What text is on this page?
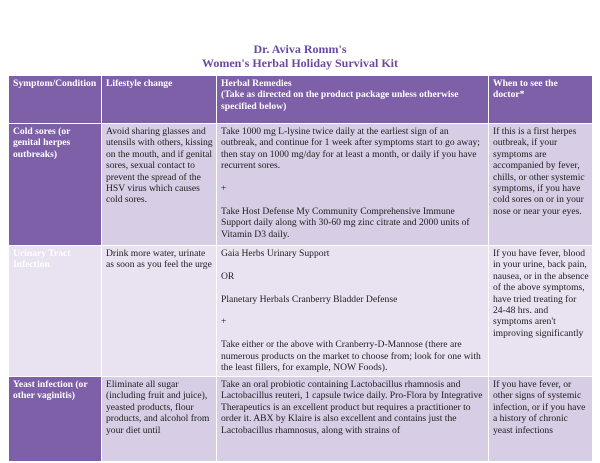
Dr. Aviva Romm's
Women's Herbal Holiday Survival Kit
Symptom/Condition	Lifestyle change	Herbal Remedies
(Take as directed on the product package unless otherwise specified below)	When to see the doctor*
Cold sores (or genital herpes outbreaks)	Avoid sharing glasses and utensils with others, kissing on the mouth, and if genital sores, sexual contact to prevent the spread of the HSV virus which causes cold sores.	Take 1000 mg L-lysine twice daily at the earliest sign of an outbreak, and continue for 1 week after symptoms start to go away; then stay on 1000 mg/day for at least a month, or daily if you have recurrent sores.
+
Take Host Defense My Community Comprehensive Immune Support daily along with 30-60 mg zinc citrate and 2000 units of Vitamin D3 daily.	If this is a first herpes outbreak, if your symptoms are accompanied by fever, chills, or other systemic symptoms, if you have cold sores on or in your nose or near your eyes.
Urinary Tract Infection	Drink more water, urinate as soon as you feel the urge	Gaia Herbs Urinary Support
OR
Planetary Herbals Cranberry Bladder Defense
+
Take either or the above with Cranberry-D-Mannose (there are numerous products on the market to choose from; look for one with the least fillers, for example, NOW Foods).	If you have fever, blood in your urine, back pain, nausea, or in the absence of the above symptoms, have tried treating for 24-48 hrs. and symptoms aren't improving significantly
Yeast infection (or other vaginitis)	Eliminate all sugar (including fruit and juice), yeasted products, flour products, and alcohol from your diet until	Take an oral probiotic containing Lactobacillus rhamnosis and Lactobacillus reuteri, 1 capsule twice daily. Pro-Flora by Integrative Therapeutics is an excellent product but requires a practitioner to order it. ABX by Klaire is also excellent and contains just the Lactobacillus rhamnosus, along with strains of	If you have fever, or other signs of systemic infection, or if you have a history of chronic yeast infections
